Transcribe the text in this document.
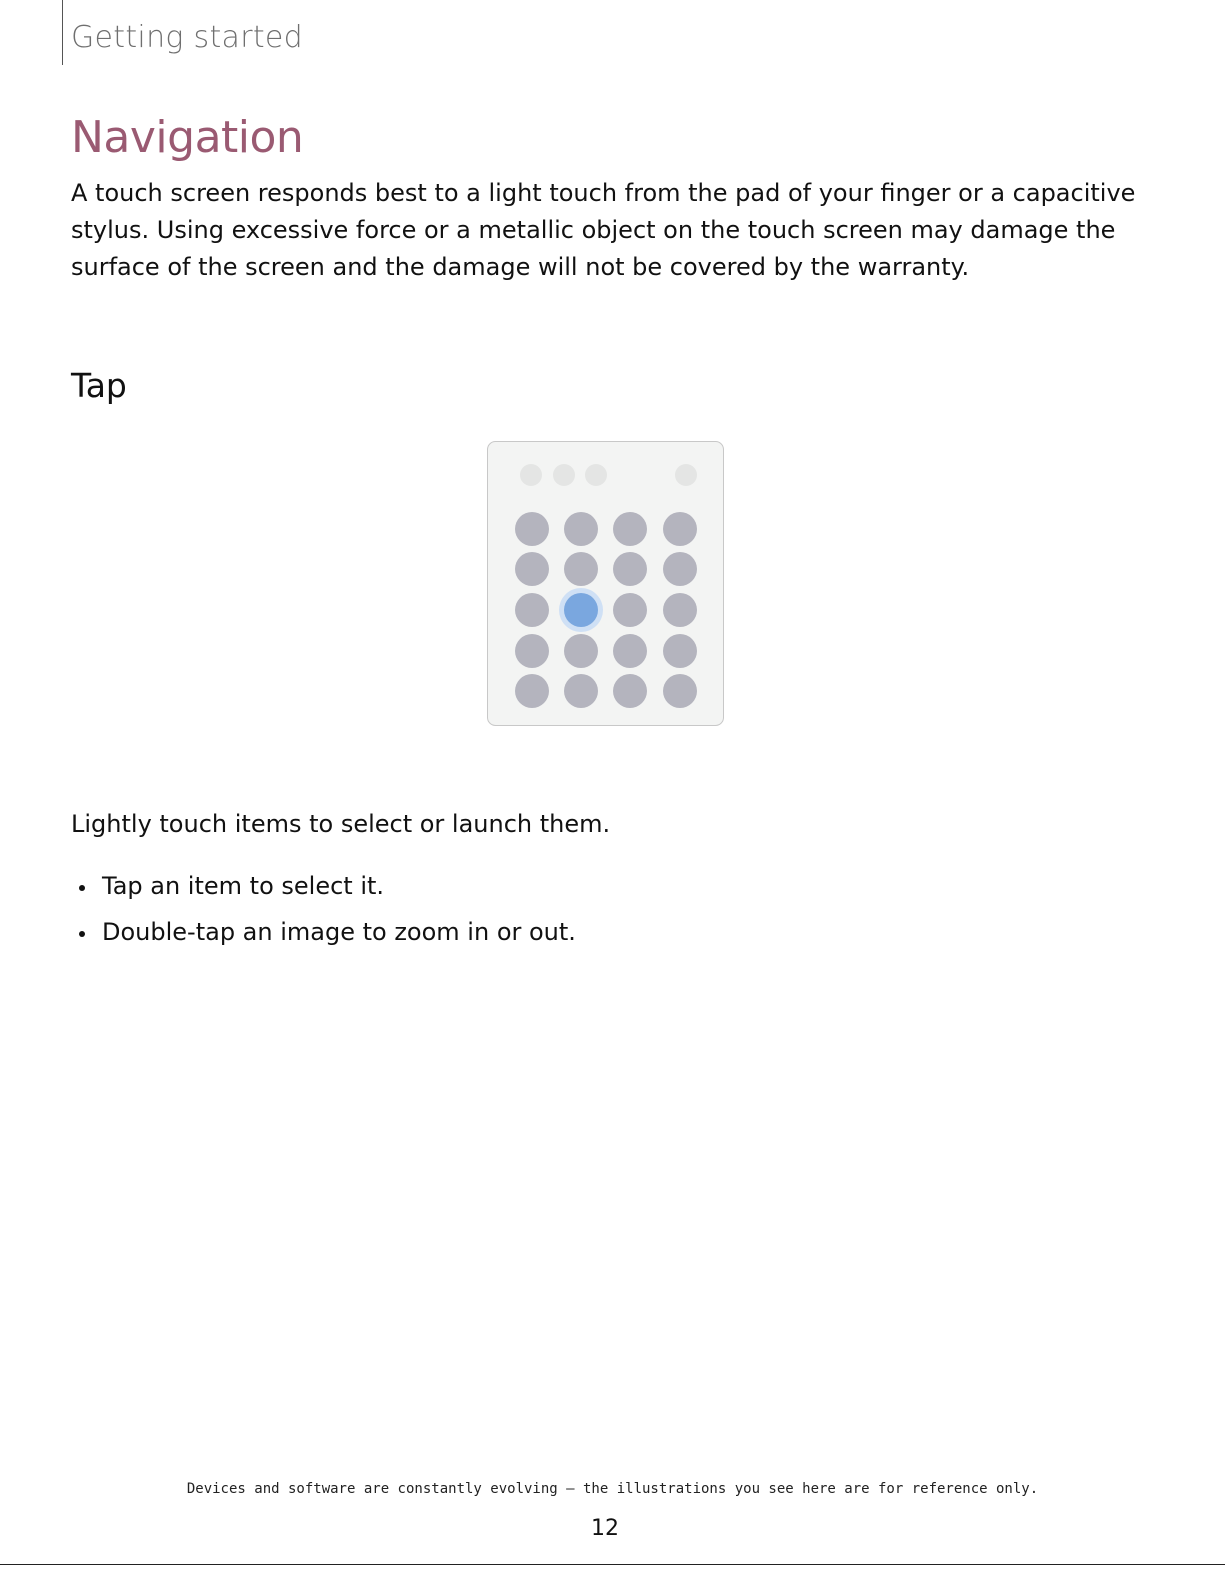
Getting started
Navigation

A touch screen responds best to a light touch from the pad of your finger or a capacitive stylus. Using excessive force or a metallic object on the touch screen may damage the surface of the screen and the damage will not be covered by the warranty.

Tap
Lightly touch items to select or launch them.
Tap an item to select it.
Double-tap an image to zoom in or out.
Devices and software are constantly evolving — the illustrations you see here are for reference only.
12
